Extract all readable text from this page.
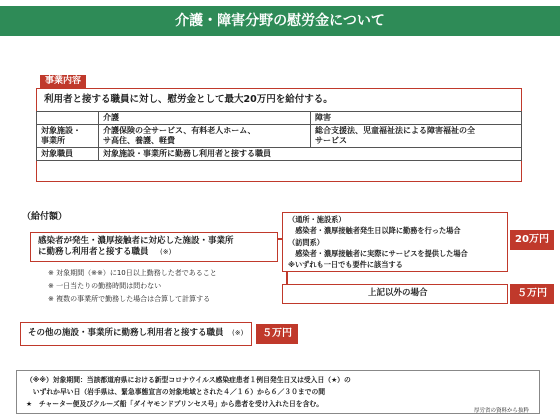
介護・障害分野の慰労金について
事業内容
利用者と接する職員に対し、慰労金として最大20万円を給付する。
	介護	障害
対象施設・
事業所	介護保険の全サービス、有料老人ホーム、
サ高住、養護、軽費	総合支援法、児童福祉法による障害福祉の全
サービス
対象職員	対象施設・事業所に勤務し利用者と接する職員	
（給付額）
感染者が発生・濃厚接触者に対応した施設・事業所
に勤務し利用者と接する職員	(※)
※ 対象期間（※※）に10日以上勤務した者であること
※ 一日当たりの勤務時間は問わない
※ 複数の事業所で勤務した場合は合算して計算する
その他の施設・事業所に勤務し利用者と接する職員 (※)	５万円
（通所・施設系）
　感染者・濃厚接触者発生日以降に勤務を行った場合
（訪問系）
　感染者・濃厚接触者に実際にサービスを提供した場合
※いずれも一日でも要件に該当する
20万円
上記以外の場合	５万円
（※※）対象期間：当該都道府県における新型コロナウイルス感染症患者１例目発生日又は受入日（★）の
　いずれか早い日（岩手県は、緊急事態宣言の対象地域とされた４／１６）から６／３０までの間
★　チャーター便及びクルーズ船「ダイヤモンドプリンセス号」から患者を受け入れた日を含む。
厚労省の資料から抜粋
